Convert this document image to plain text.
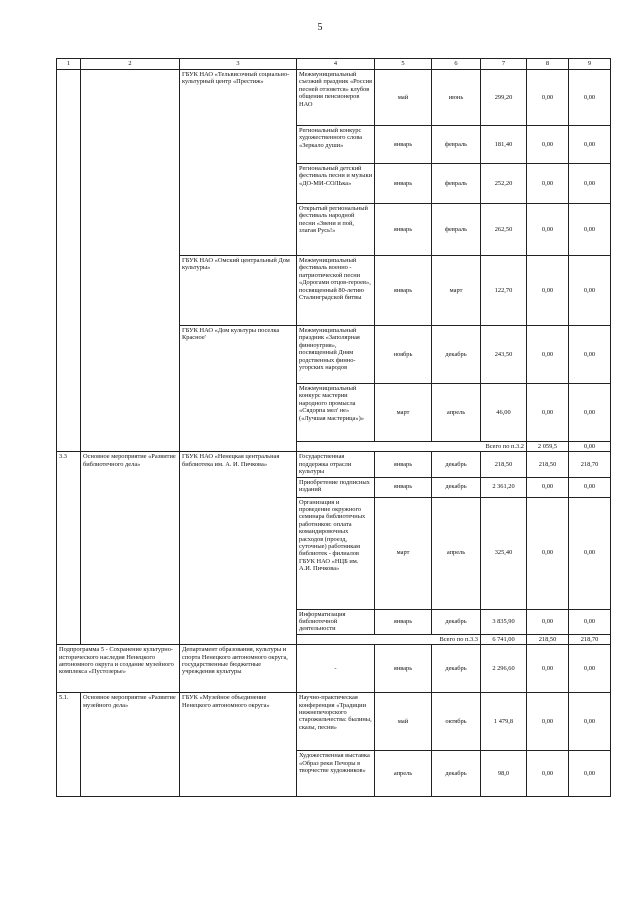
5
1	2	3	4	5	6	7	8	9	
		ГБУК НАО «Тельвисочный социально-культурный центр «Престиж»	Межмуниципальный съезжий праздник «Россия песней отзовется» клубов общения пенсионеров НАО	май	июнь	299,20	0,00	0,00	
			Региональный конкурс художественного слова «Зеркало души»	январь	февраль	181,40	0,00	0,00	
			Региональный детский фестиваль песни и музыки «ДО-МИ-СОЛЬка»	январь	февраль	252,20	0,00	0,00	
			Открытый региональный фестиваль народной песни «Звени и пой, злагая Русь!»	январь	февраль	262,50	0,00	0,00	
		ГБУК НАО «Омский центральный Дом культуры»	Межмуниципальный фестиваль военно - патриотической песни «Дорогами отцов-героев», посвященный 80-летию Сталинградской битвы	январь	март	122,70	0,00	0,00	
		ГБУК НАО «Дом культуры поселка Красное'	Межмуниципальный праздник «Заполярная финноугрия», посвященный Дням родственных финно-угорских народов	ноябрь	декабрь	243,50	0,00	0,00	
			Межмуниципальный конкурс мастерии народного промысла «Сядорпа мел' не» («Лучшая мастерица»)»	март	апрель	46,00	0,00	0,00	
			Всего по п.3.2				2 059,5	0,00	
3.3	Основное мероприятие «Развитие библиотечного дела»	ГБУК НАО «Ненецкая центральная библиотека им. А. И. Пичкова»	Государственная поддержка отрасли культуры	январь	декабрь	218,50	218,50	218,70	
			Приобретение подписных изданий	январь	декабрь	2 361,20	0,00	0,00	
			Организация и проведение окружного семинара библиотечных работников: оплата командировочных расходов (проезд, суточные) работникам библиотек - филиалов ГБУК НАО «НЦБ им. А.И. Пичкова»	март	апрель	325,40	0,00	0,00	
			Информатизация библиотечной деятельности	январь	декабрь	3 835,90	0,00	0,00	
			Всего по п.3.3			6 741,00	218,50	218,70	
Подпрограмма 5 - Сохранение культурно-исторического наследия Ненецкого автономного округа и создание музейного комплекса «Пустозерье»		Департамент образования, культуры и спорта Ненецкого автономного округа, государственные бюджетные учреждения культуры	-	январь	декабрь	2 296,60	0,00	0,00	
5.1.	Основное мероприятие «Развитие музейного дела»	ГБУК «Музейное объединение Ненецкого автономного округа»	Научно-практическая конференция «Традиции нижнепечорского старожильчества: былины, сказы, песни»	май	октябрь	1 479,8	0,00	0,00	
			Художественная выставка «Образ реки Печоры в творчестве художников»	апрель	декабрь	98,0	0,00	0,00	
